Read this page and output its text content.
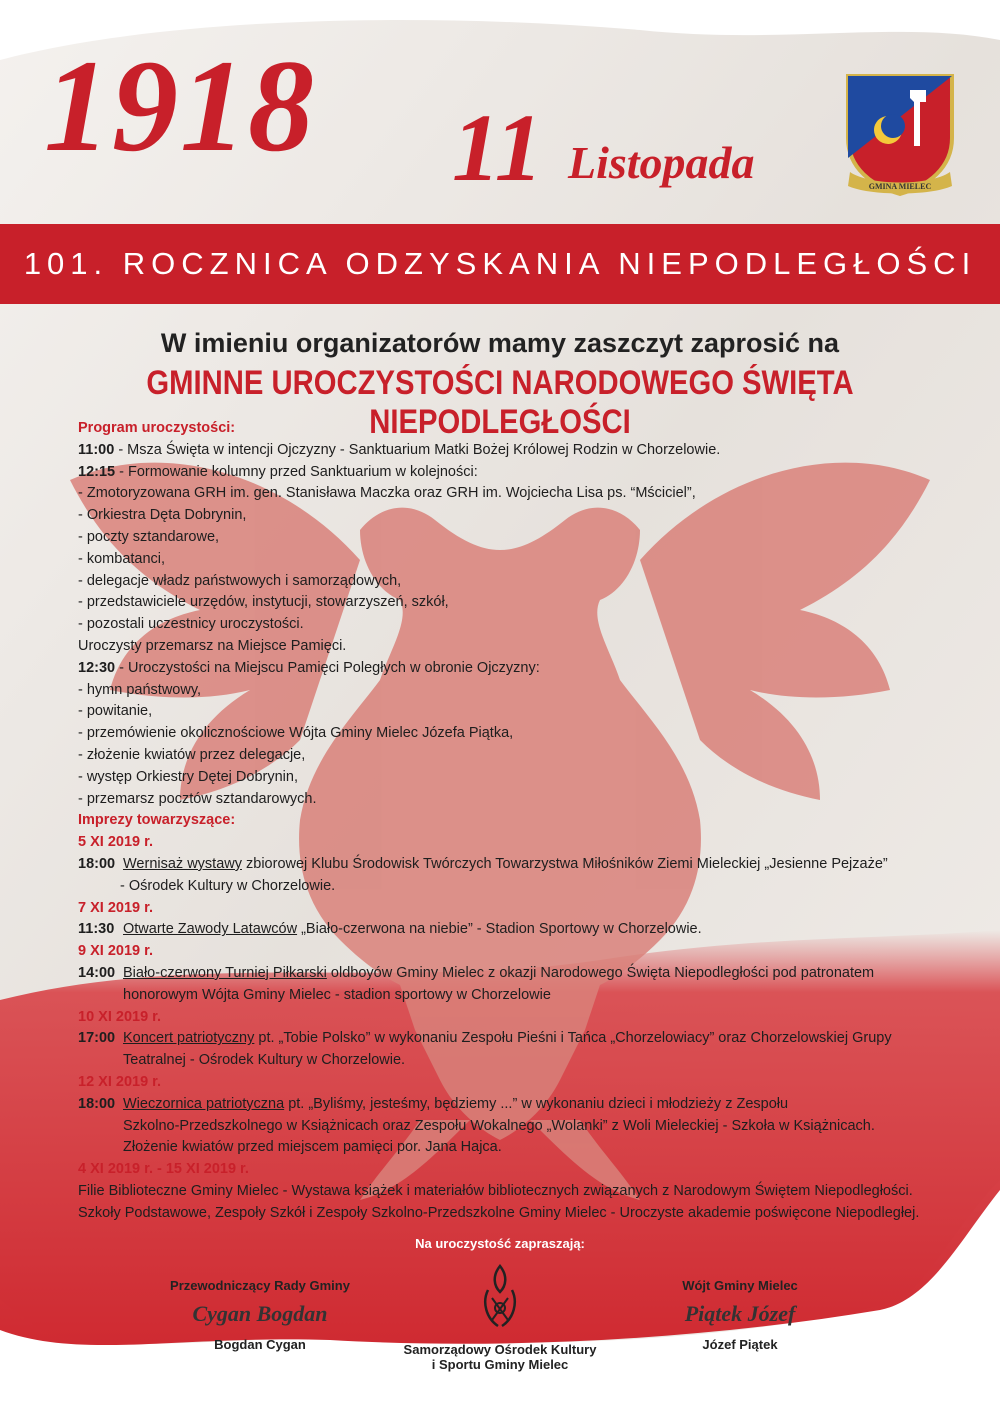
1918 11 Listopada	GMINA MIELEC
101. ROCZNICA ODZYSKANIA NIEPODLEGŁOŚCI
W imieniu organizatorów mamy zaszczyt zaprosić na
GMINNE UROCZYSTOŚCI NARODOWEGO ŚWIĘTA NIEPODLEGŁOŚCI
Program uroczystości:
11:00 - Msza Święta w intencji Ojczyzny - Sanktuarium Matki Bożej Królowej Rodzin w Chorzelowie.
12:15 - Formowanie kolumny przed Sanktuarium w kolejności:
- Zmotoryzowana GRH im. gen. Stanisława Maczka oraz GRH im. Wojciecha Lisa ps. “Mściciel”,
- Orkiestra Dęta Dobrynin,
- poczty sztandarowe,
- kombatanci,
- delegacje władz państwowych i samorządowych,
- przedstawiciele urzędów, instytucji, stowarzyszeń, szkół,
- pozostali uczestnicy uroczystości.
Uroczysty przemarsz na Miejsce Pamięci.
12:30 - Uroczystości na Miejscu Pamięci Poległych w obronie Ojczyzny:
- hymn państwowy,
- powitanie,
- przemówienie okolicznościowe Wójta Gminy Mielec Józefa Piątka,
- złożenie kwiatów przez delegacje,
- występ Orkiestry Dętej Dobrynin,
- przemarsz pocztów sztandarowych.
Imprezy towarzyszące:
5 XI 2019 r.
18:00 Wernisaż wystawy zbiorowej Klubu Środowisk Twórczych Towarzystwa Miłośników Ziemi Mieleckiej „Jesienne Pejzaże”
- Ośrodek Kultury w Chorzelowie.
7 XI 2019 r.
11:30 Otwarte Zawody Latawców „Biało-czerwona na niebie” - Stadion Sportowy w Chorzelowie.
9 XI 2019 r.
14:00 Biało-czerwony Turniej Piłkarski oldboyów Gminy Mielec z okazji Narodowego Święta Niepodległości pod patronatem
honorowym Wójta Gminy Mielec - stadion sportowy w Chorzelowie
10 XI 2019 r.
17:00 Koncert patriotyczny pt. „Tobie Polsko” w wykonaniu Zespołu Pieśni i Tańca „Chorzelowiacy” oraz Chorzelowskiej Grupy
Teatralnej - Ośrodek Kultury w Chorzelowie.
12 XI 2019 r.
18:00 Wieczornica patriotyczna pt. „Byliśmy, jesteśmy, będziemy ...” w wykonaniu dzieci i młodzieży z Zespołu
Szkolno-Przedszkolnego w Książnicach oraz Zespołu Wokalnego „Wolanki” z Woli Mieleckiej - Szkoła w Książnicach.
Złożenie kwiatów przed miejscem pamięci por. Jana Hajca.
4 XI 2019 r. - 15 XI 2019 r.
Filie Biblioteczne Gminy Mielec - Wystawa książek i materiałów bibliotecznych związanych z Narodowym Świętem Niepodległości.
Szkoły Podstawowe, Zespoły Szkół i Zespoły Szkolno-Przedszkolne Gminy Mielec - Uroczyste akademie poświęcone Niepodległej.
Na uroczystość zapraszają:
Przewodniczący Rady Gminy
Cygan Bogdan
Bogdan Cygan	Samorządowy Ośrodek Kultury
i Sportu Gminy Mielec
Wójt Gminy Mielec
Piątek Józef
Józef Piątek
